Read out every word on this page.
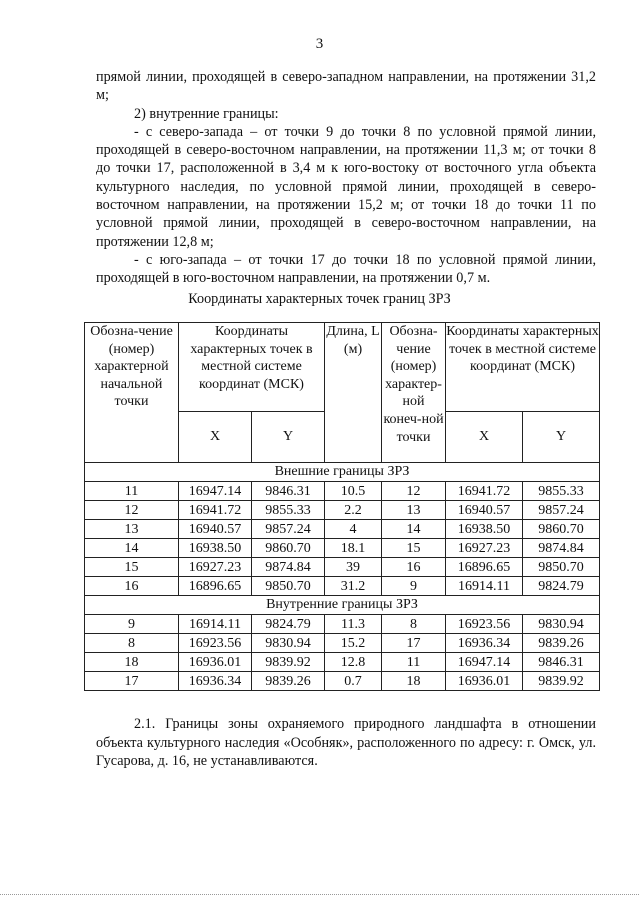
3

прямой линии, проходящей в северо-западном направлении, на протяжении 31,2 м;

2) внутренние границы:

- с северо-запада – от точки 9 до точки 8 по условной прямой линии, проходящей в северо-восточном направлении, на протяжении 11,3 м; от точки 8 до точки 17, расположенной в 3,4 м к юго-востоку от восточного угла объекта культурного наследия, по условной прямой линии, проходящей в северо-восточном направлении, на протяжении 15,2 м; от точки 18 до точки 11 по условной прямой линии, проходящей в северо-восточном направлении, на протяжении 12,8 м;

- с юго-запада – от точки 17 до точки 18 по условной прямой линии, проходящей в юго-восточном направлении, на протяжении 0,7 м.

Координаты характерных точек границ ЗРЗ
Обозна-чение (номер) характерной начальной точки	Координаты характерных точек в местной системе координат (МСК)		Длина, L (м)	Обозна-чение (номер) характер-ной конеч-ной точки	Координаты характерных точек в местной системе координат (МСК)	
	X	Y			X	Y
Внешние границы ЗРЗ						
11	16947.14	9846.31	10.5	12	16941.72	9855.33
12	16941.72	9855.33	2.2	13	16940.57	9857.24
13	16940.57	9857.24	4	14	16938.50	9860.70
14	16938.50	9860.70	18.1	15	16927.23	9874.84
15	16927.23	9874.84	39	16	16896.65	9850.70
16	16896.65	9850.70	31.2	9	16914.11	9824.79
Внутренние границы ЗРЗ						
9	16914.11	9824.79	11.3	8	16923.56	9830.94
8	16923.56	9830.94	15.2	17	16936.34	9839.26
18	16936.01	9839.92	12.8	11	16947.14	9846.31
17	16936.34	9839.26	0.7	18	16936.01	9839.92

2.1. Границы зоны охраняемого природного ландшафта в отношении объекта культурного наследия «Особняк», расположенного по адресу: г. Омск, ул. Гусарова, д. 16, не устанавливаются.
